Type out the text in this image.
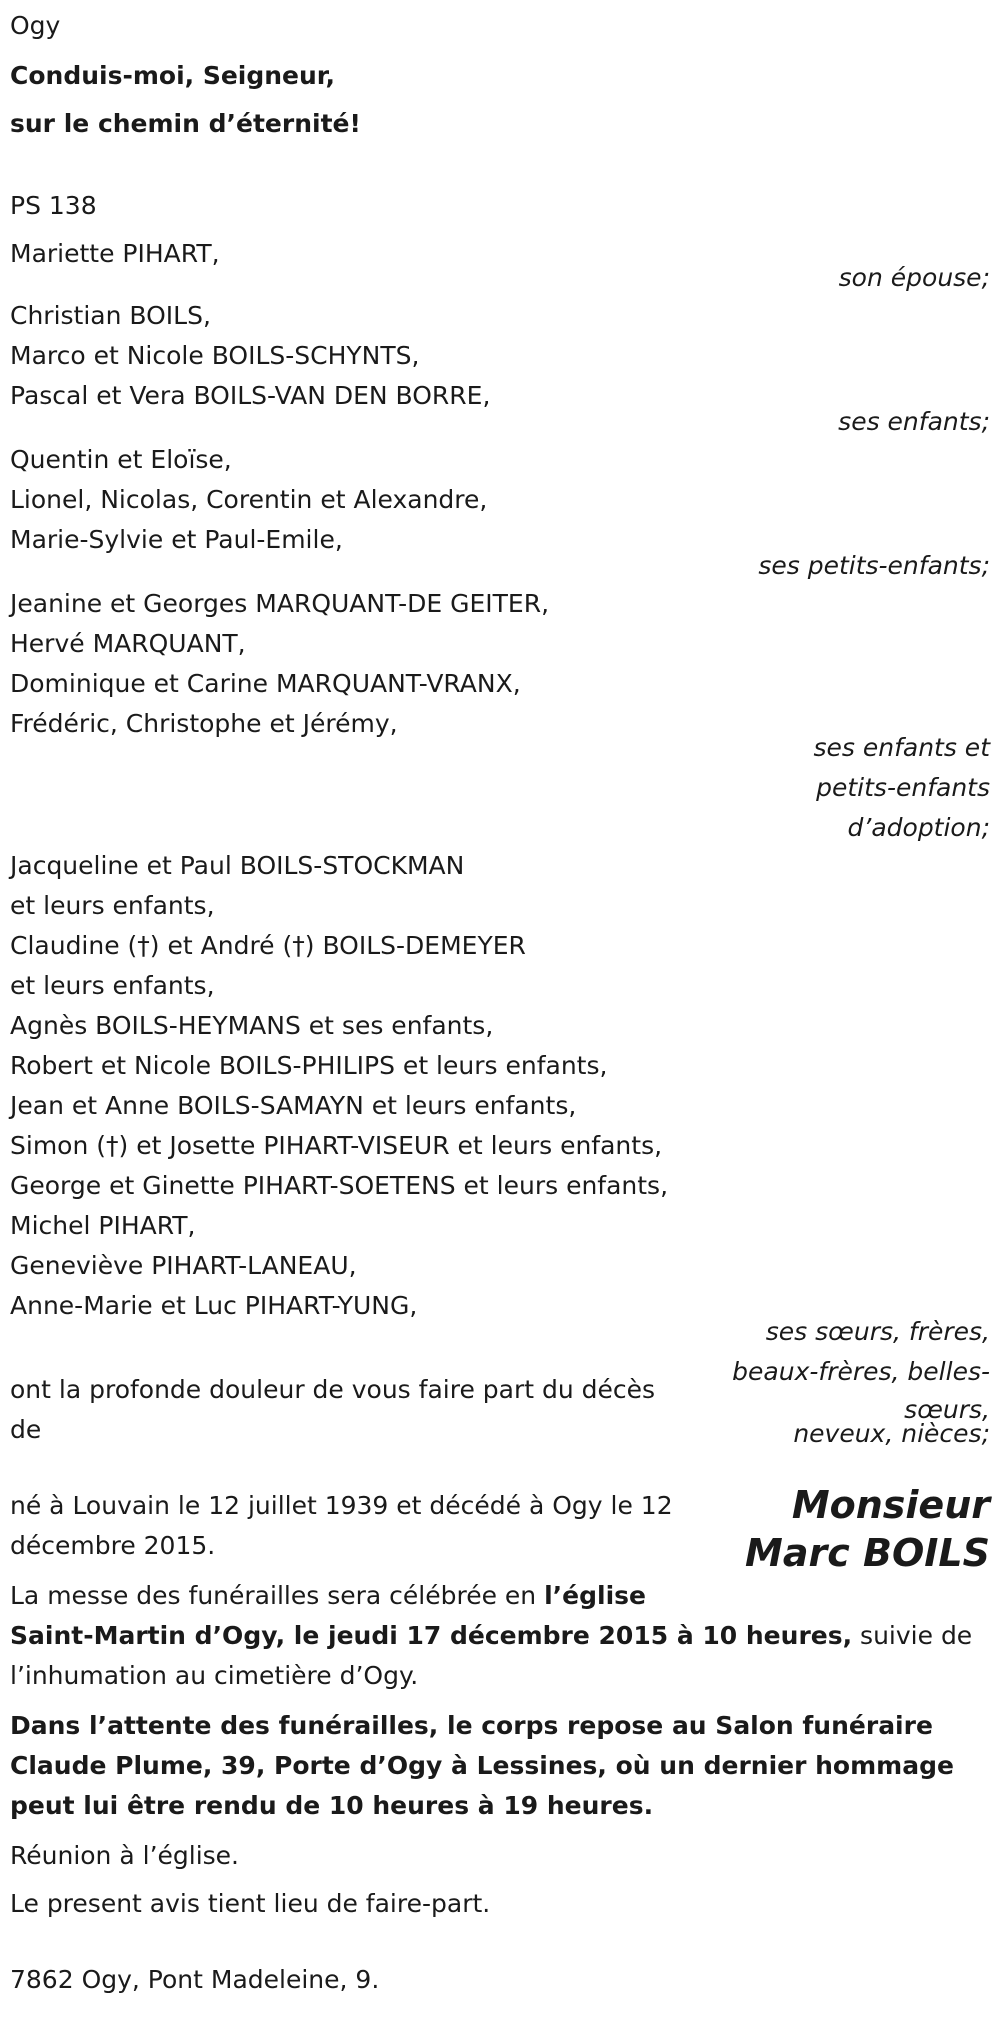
Ogy
Conduis-moi, Seigneur,
sur le chemin d’éternité!
PS 138
Mariette PIHART,
son épouse;
Christian BOILS,
Marco et Nicole BOILS-SCHYNTS,
Pascal et Vera BOILS-VAN DEN BORRE,
ses enfants;
Quentin et Eloïse,
Lionel, Nicolas, Corentin et Alexandre,
Marie-Sylvie et Paul-Emile,
ses petits-enfants;
Jeanine et Georges MARQUANT-DE GEITER,
Hervé MARQUANT,
Dominique et Carine MARQUANT-VRANX,
Frédéric, Christophe et Jérémy,
ses enfants et
petits-enfants
d’adoption;
Jacqueline et Paul BOILS-STOCKMAN
et leurs enfants,
Claudine (†) et André (†) BOILS-DEMEYER
et leurs enfants,
Agnès BOILS-HEYMANS et ses enfants,
Robert et Nicole BOILS-PHILIPS et leurs enfants,
Jean et Anne BOILS-SAMAYN et leurs enfants,
Simon (†) et Josette PIHART-VISEUR et leurs enfants,
George et Ginette PIHART-SOETENS et leurs enfants,
Michel PIHART,
Geneviève PIHART-LANEAU,
Anne-Marie et Luc PIHART-YUNG,
ses sœurs, frères,
beaux-frères, belles-
sœurs,
neveux, nièces;
ont la profonde douleur de vous faire part du décès
de
Monsieur
Marc BOILS
né à Louvain le 12 juillet 1939 et décédé à Ogy le 12
décembre 2015.
La messe des funérailles sera célébrée en l’église
Saint-Martin d’Ogy, le jeudi 17 décembre 2015 à 10 heures, suivie de
l’inhumation au cimetière d’Ogy.
Dans l’attente des funérailles, le corps repose au Salon funéraire
Claude Plume, 39, Porte d’Ogy à Lessines, où un dernier hommage
peut lui être rendu de 10 heures à 19 heures.
Réunion à l’église.
Le present avis tient lieu de faire-part.
7862 Ogy, Pont Madeleine, 9.
